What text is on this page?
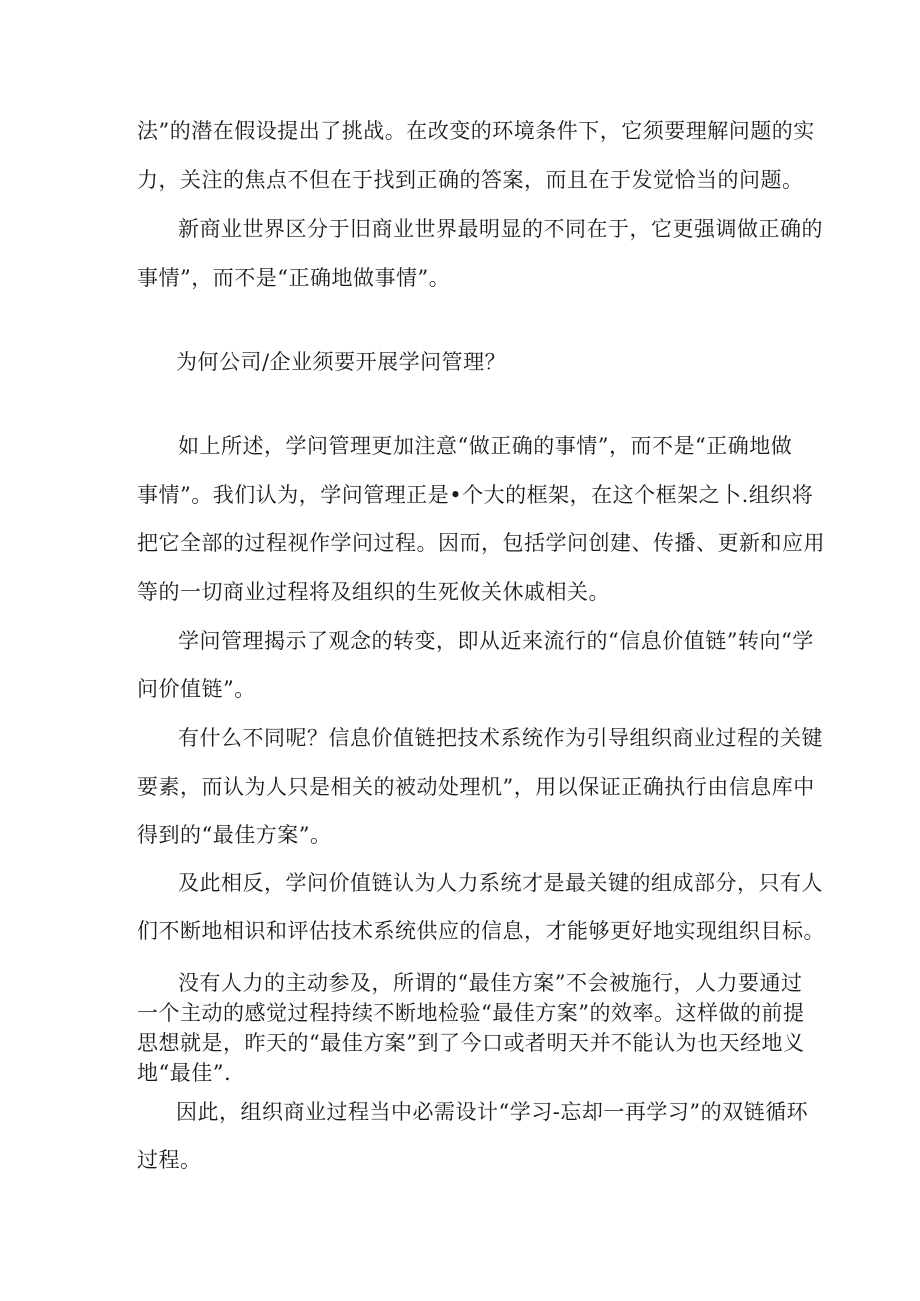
法”的潜在假设提出了挑战。在改变的环境条件下，它须要理解问题的实
力，关注的焦点不但在于找到正确的答案，而且在于发觉恰当的问题。
新商业世界区分于旧商业世界最明显的不同在于，它更强调做正确的
事情”，而不是“正确地做事情”。
为何公司/企业须要开展学问管理？
如上所述，学问管理更加注意“做正确的事情”，而不是“正确地做
事情”。我们认为，学问管理正是•个大的框架，在这个框架之卜.组织将
把它全部的过程视作学问过程。因而，包括学问创建、传播、更新和应用
等的一切商业过程将及组织的生死攸关休戚相关。
学问管理揭示了观念的转变，即从近来流行的“信息价值链”转向“学
问价值链”。
有什么不同呢？信息价值链把技术系统作为引导组织商业过程的关键
要素，而认为人只是相关的被动处理机”，用以保证正确执行由信息库中
得到的“最佳方案”。
及此相反，学问价值链认为人力系统才是最关键的组成部分，只有人
们不断地相识和评估技术系统供应的信息，才能够更好地实现组织目标。
没有人力的主动参及，所谓的“最佳方案”不会被施行，人力要通过
一个主动的感觉过程持续不断地检验“最佳方案”的效率。这样做的前提
思想就是，昨天的“最佳方案”到了今口或者明天并不能认为也天经地义
地“最佳”.
因此，组织商业过程当中必需设计“学习-忘却一再学习”的双链循环
过程。
